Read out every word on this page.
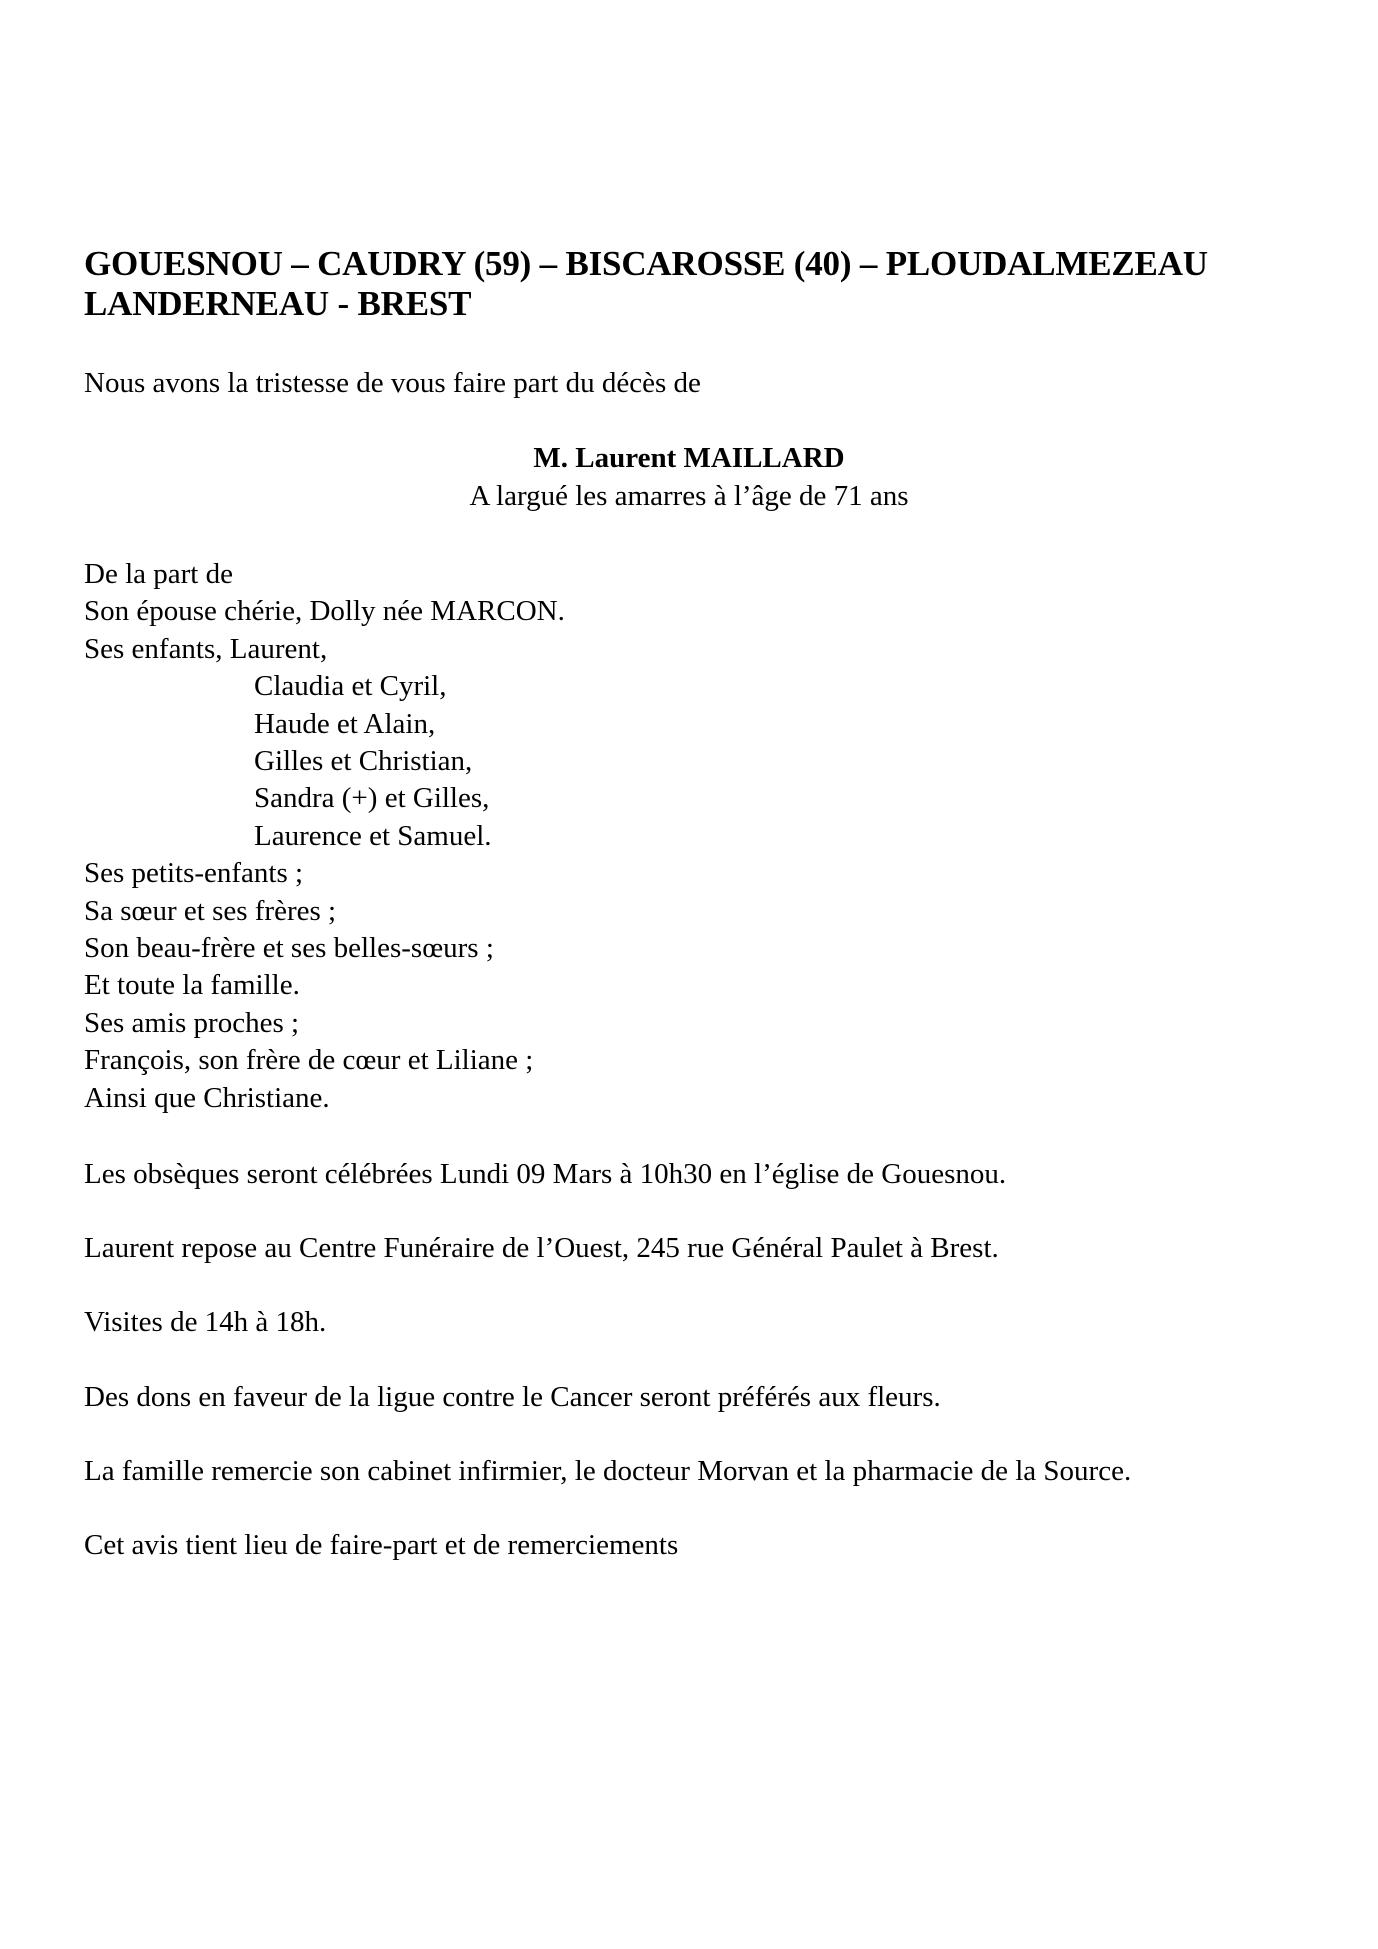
GOUESNOU – CAUDRY (59) – BISCAROSSE (40) – PLOUDALMEZEAU
LANDERNEAU - BREST
Nous avons la tristesse de vous faire part du décès de
M. Laurent MAILLARD
A largué les amarres à l’âge de 71 ans
De la part de
Son épouse chérie, Dolly née MARCON.
Ses enfants, Laurent,
Claudia et Cyril,
Haude et Alain,
Gilles et Christian,
Sandra (+) et Gilles,
Laurence et Samuel.
Ses petits-enfants ;
Sa sœur et ses frères ;
Son beau-frère et ses belles-sœurs ;
Et toute la famille.
Ses amis proches ;
François, son frère de cœur et Liliane ;
Ainsi que Christiane.
Les obsèques seront célébrées Lundi 09 Mars à 10h30 en l’église de Gouesnou.
Laurent repose au Centre Funéraire de l’Ouest, 245 rue Général Paulet à Brest.
Visites de 14h à 18h.
Des dons en faveur de la ligue contre le Cancer seront préférés aux fleurs.
La famille remercie son cabinet infirmier, le docteur Morvan et la pharmacie de la Source.
Cet avis tient lieu de faire-part et de remerciements
